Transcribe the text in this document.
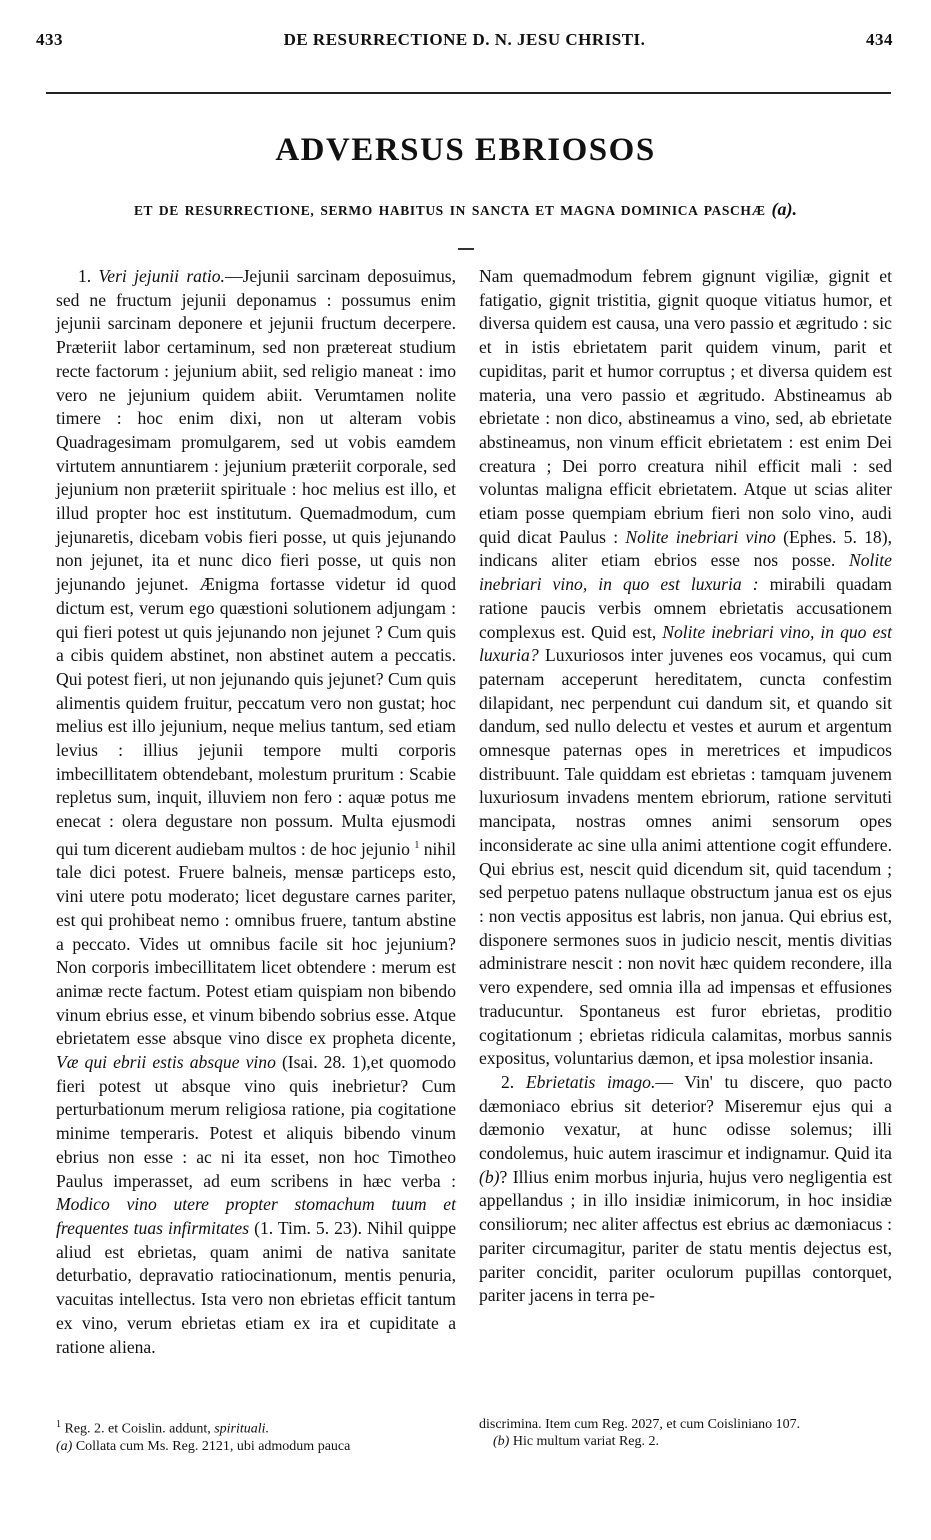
433	DE RESURRECTIONE D. N. JESU CHRISTI.	434
ADVERSUS EBRIOSOS
ET DE RESURRECTIONE, SERMO HABITUS IN SANCTA ET MAGNA DOMINICA PASCHÆ (a).

1. Veri jejunii ratio.—Jejunii sarcinam deposuimus, sed ne fructum jejunii deponamus : possumus enim jejunii sarcinam deponere et jejunii fructum decerpere. Præteriit labor certaminum, sed non prætereat studium recte factorum : jejunium abiit, sed religio maneat : imo vero ne jejunium quidem abiit. Verumtamen nolite timere : hoc enim dixi, non ut alteram vobis Quadragesimam promulgarem, sed ut vobis eamdem virtutem annuntiarem : jejunium præteriit corporale, sed jejunium non præteriit spirituale : hoc melius est illo, et illud propter hoc est institutum. Quemadmodum, cum jejunaretis, dicebam vobis fieri posse, ut quis jejunando non jejunet, ita et nunc dico fieri posse, ut quis non jejunando jejunet. Ænigma fortasse videtur id quod dictum est, verum ego quæstioni solutionem adjungam : qui fieri potest ut quis jejunando non jejunet ? Cum quis a cibis quidem abstinet, non abstinet autem a peccatis. Qui potest fieri, ut non jejunando quis jejunet? Cum quis alimentis quidem fruitur, peccatum vero non gustat; hoc melius est illo jejunium, neque melius tantum, sed etiam levius : illius jejunii tempore multi corporis imbecillitatem obtendebant, molestum pruritum : Scabie repletus sum, inquit, illuviem non fero : aquæ potus me enecat : olera degustare non possum. Multa ejusmodi qui tum dicerent audiebam multos : de hoc jejunio $^1$ nihil tale dici potest. Fruere balneis, mensæ particeps esto, vini utere potu moderato; licet degustare carnes pariter, est qui prohibeat nemo : omnibus fruere, tantum abstine a peccato. Vides ut omnibus facile sit hoc jejunium? Non corporis imbecillitatem licet obtendere : merum est animæ recte factum. Potest etiam quispiam non bibendo vinum ebrius esse, et vinum bibendo sobrius esse. Atque ebrietatem esse absque vino disce ex propheta dicente, Væ qui ebrii estis absque vino (Isai. 28. 1),et quomodo fieri potest ut absque vino quis inebrietur? Cum perturbationum merum religiosa ratione, pia cogitatione minime temperaris. Potest et aliquis bibendo vinum ebrius non esse : ac ni ita esset, non hoc Timotheo Paulus imperasset, ad eum scribens in hæc verba : Modico vino utere propter stomachum tuum et frequentes tuas infirmitates (1. Tim. 5. 23). Nihil quippe aliud est ebrietas, quam animi de nativa sanitate deturbatio, depravatio ratiocinationum, mentis penuria, vacuitas intellectus. Ista vero non ebrietas efficit tantum ex vino, verum ebrietas etiam ex ira et cupiditate a ratione aliena.

Nam quemadmodum febrem gignunt vigiliæ, gignit et fatigatio, gignit tristitia, gignit quoque vitiatus humor, et diversa quidem est causa, una vero passio et ægritudo : sic et in istis ebrietatem parit quidem vinum, parit et cupiditas, parit et humor corruptus ; et diversa quidem est materia, una vero passio et ægritudo. Abstineamus ab ebrietate : non dico, abstineamus a vino, sed, ab ebrietate abstineamus, non vinum efficit ebrietatem : est enim Dei creatura ; Dei porro creatura nihil efficit mali : sed voluntas maligna efficit ebrietatem. Atque ut scias aliter etiam posse quempiam ebrium fieri non solo vino, audi quid dicat Paulus : Nolite inebriari vino (Ephes. 5. 18), indicans aliter etiam ebrios esse nos posse. Nolite inebriari vino, in quo est luxuria : mirabili quadam ratione paucis verbis omnem ebrietatis accusationem complexus est. Quid est, Nolite inebriari vino, in quo est luxuria? Luxuriosos inter juvenes eos vocamus, qui cum paternam acceperunt hereditatem, cuncta confestim dilapidant, nec perpendunt cui dandum sit, et quando sit dandum, sed nullo delectu et vestes et aurum et argentum omnesque paternas opes in meretrices et impudicos distribuunt. Tale quiddam est ebrietas : tamquam juvenem luxuriosum invadens mentem ebriorum, ratione servituti mancipata, nostras omnes animi sensorum opes inconsiderate ac sine ulla animi attentione cogit effundere. Qui ebrius est, nescit quid dicendum sit, quid tacendum ; sed perpetuo patens nullaque obstructum janua est os ejus : non vectis appositus est labris, non janua. Qui ebrius est, disponere sermones suos in judicio nescit, mentis divitias administrare nescit : non novit hæc quidem recondere, illa vero expendere, sed omnia illa ad impensas et effusiones traducuntur. Spontaneus est furor ebrietas, proditio cogitationum ; ebrietas ridicula calamitas, morbus sannis expositus, voluntarius dæmon, et ipsa molestior insania.

2. Ebrietatis imago.— Vin' tu discere, quo pacto dæmoniaco ebrius sit deterior? Miseremur ejus qui a dæmonio vexatur, at hunc odisse solemus; illi condolemus, huic autem irascimur et indignamur. Quid ita (b)? Illius enim morbus injuria, hujus vero negligentia est appellandus ; in illo insidiæ inimicorum, in hoc insidiæ consiliorum; nec aliter affectus est ebrius ac dæmoniacus : pariter circumagitur, pariter de statu mentis dejectus est, pariter concidit, pariter oculorum pupillas contorquet, pariter jacens in terra pe-

$^1$ Reg. 2. et Coislin. addunt, spirituali.

(a) Collata cum Ms. Reg. 2121, ubi admodum pauca

discrimina. Item cum Reg. 2027, et cum Coisliniano 107.

(b) Hic multum variat Reg. 2.
